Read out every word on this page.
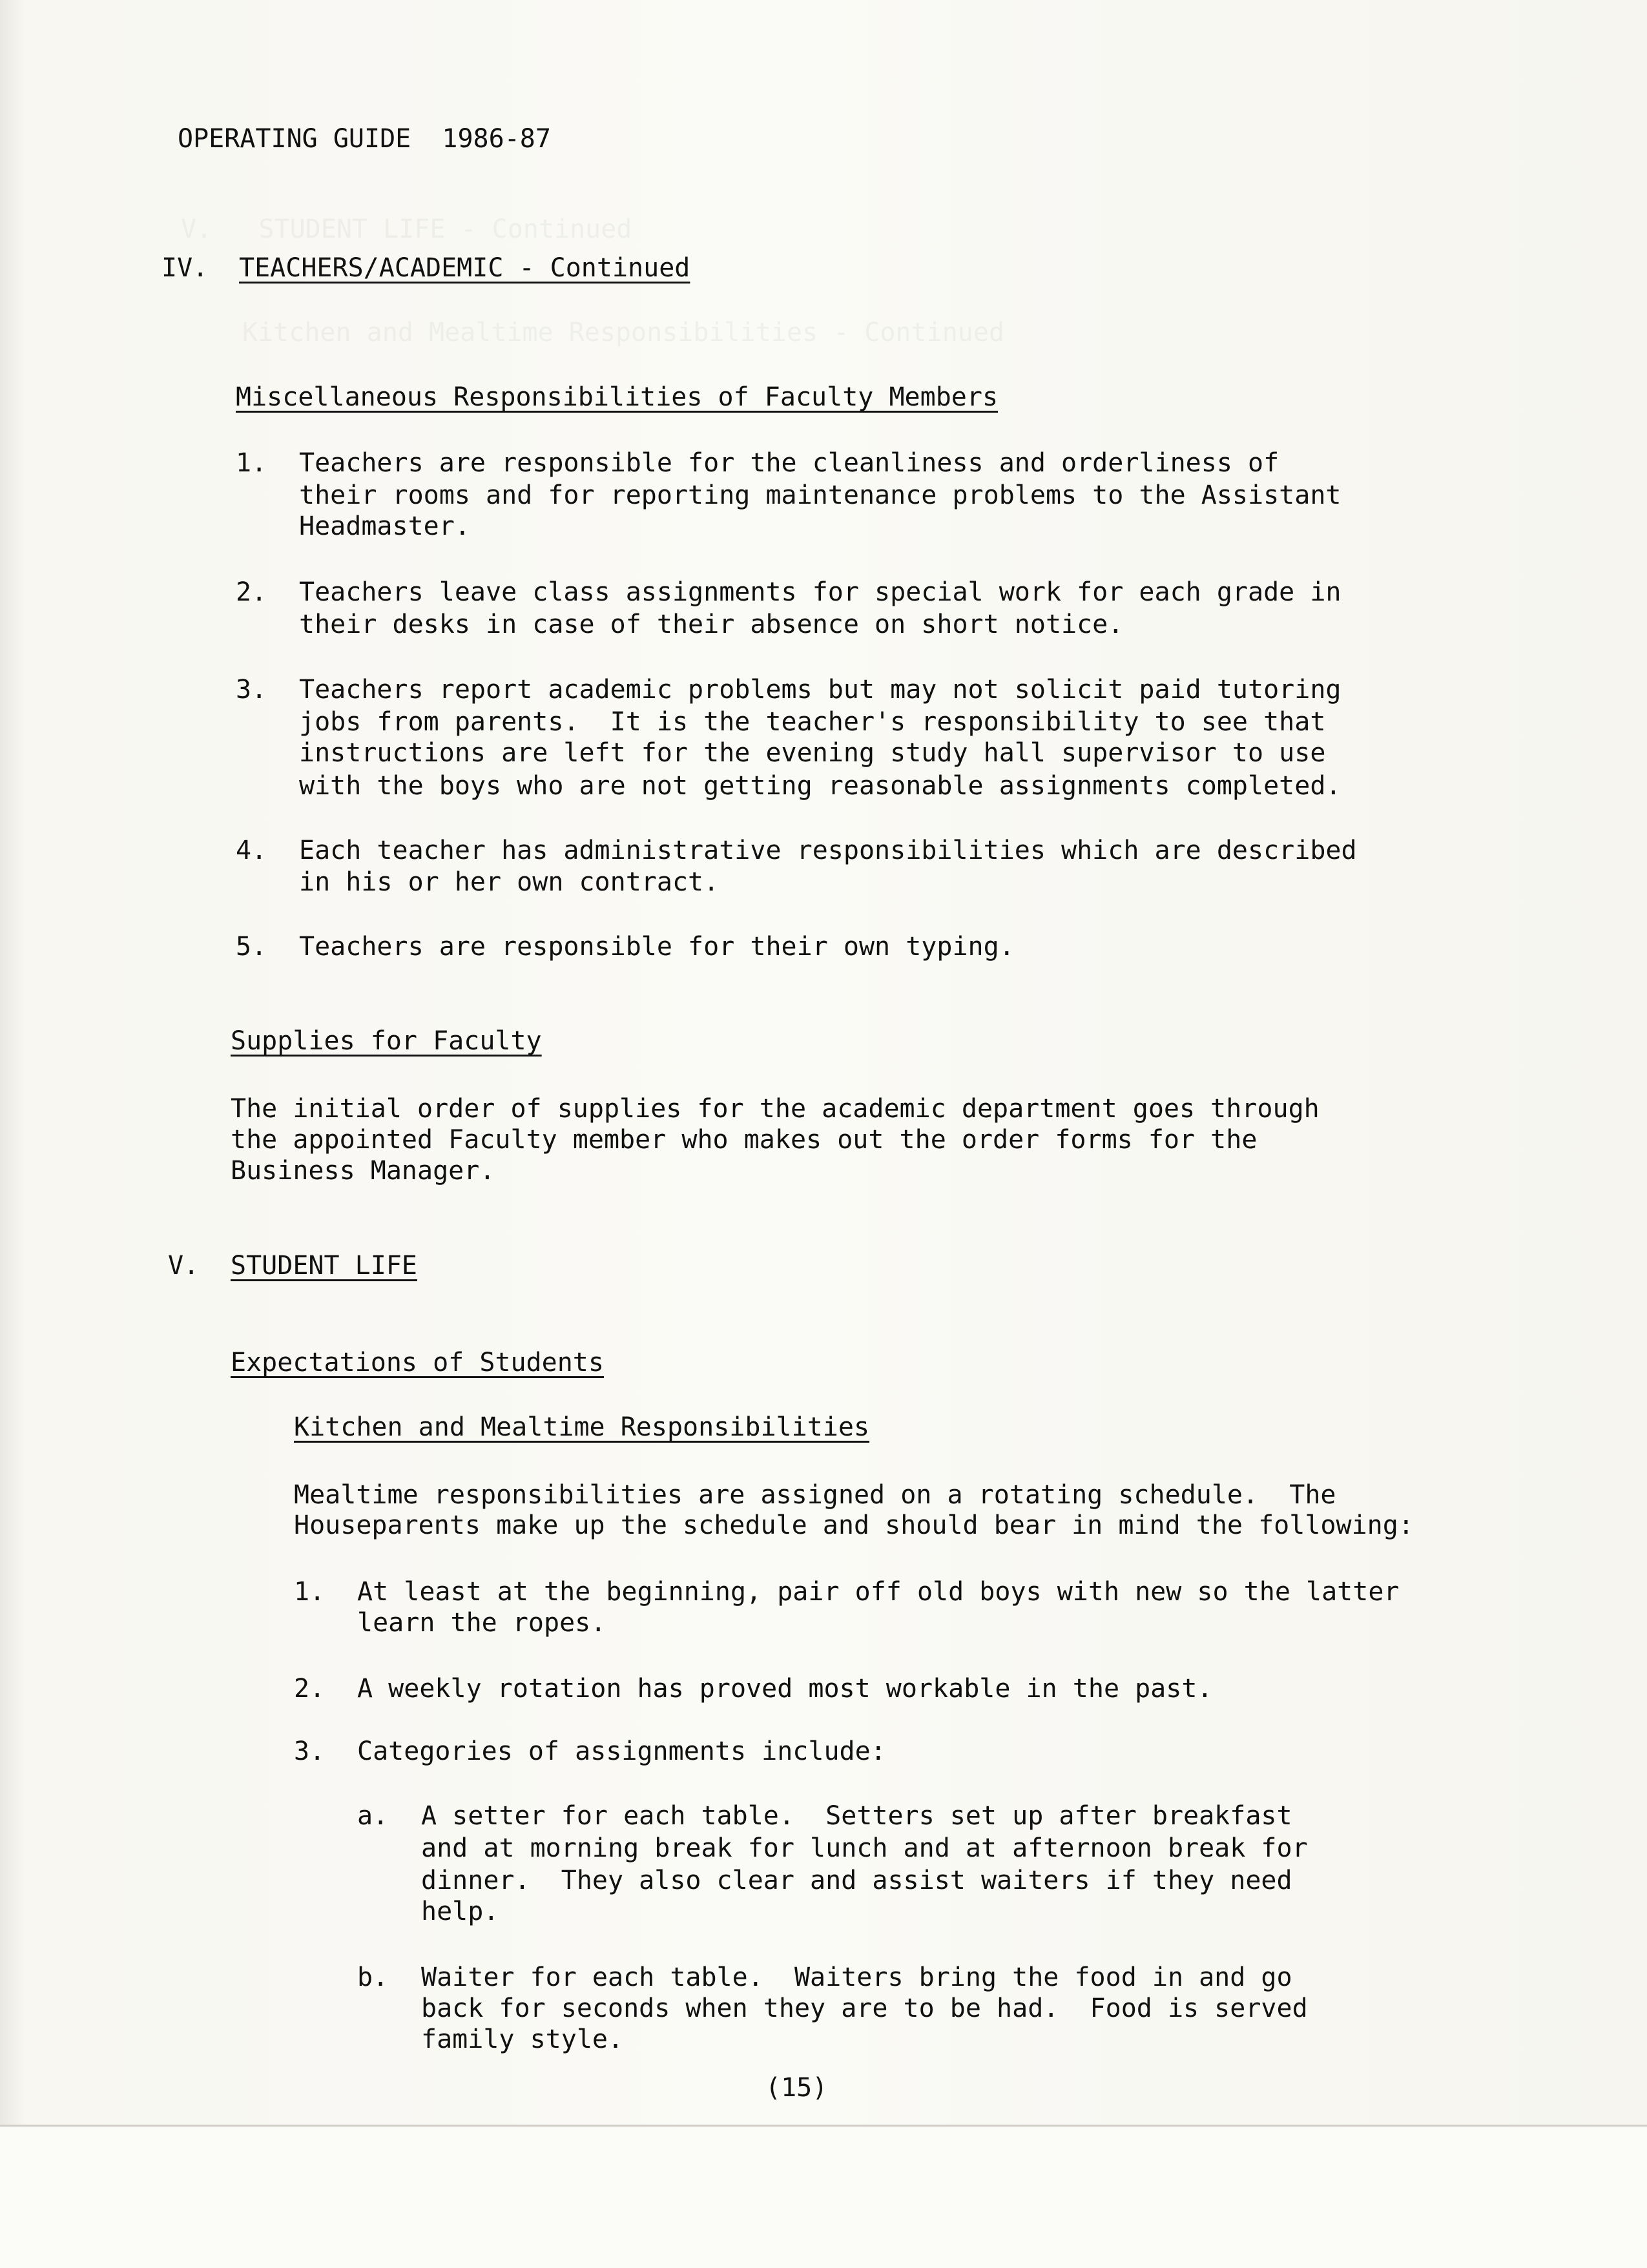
V.   STUDENT LIFE - Continued
Kitchen and Mealtime Responsibilities - Continued
OPERATING GUIDE  1986-87
IV. TEACHERS/ACADEMIC - Continued
Miscellaneous Responsibilities of Faculty Members
1. Teachers are responsible for the cleanliness and orderliness of
their rooms and for reporting maintenance problems to the Assistant
Headmaster.
2. Teachers leave class assignments for special work for each grade in
their desks in case of their absence on short notice.
3. Teachers report academic problems but may not solicit paid tutoring
jobs from parents.  It is the teacher's responsibility to see that
instructions are left for the evening study hall supervisor to use
with the boys who are not getting reasonable assignments completed.
4. Each teacher has administrative responsibilities which are described
in his or her own contract.
5. Teachers are responsible for their own typing.
Supplies for Faculty
The initial order of supplies for the academic department goes through
the appointed Faculty member who makes out the order forms for the
Business Manager.
V. STUDENT LIFE
Expectations of Students
Kitchen and Mealtime Responsibilities
Mealtime responsibilities are assigned on a rotating schedule.  The
Houseparents make up the schedule and should bear in mind the following:
1. At least at the beginning, pair off old boys with new so the latter
learn the ropes.
2. A weekly rotation has proved most workable in the past.
3. Categories of assignments include:
a. A setter for each table.  Setters set up after breakfast
and at morning break for lunch and at afternoon break for
dinner.  They also clear and assist waiters if they need
help.
b. Waiter for each table.  Waiters bring the food in and go
back for seconds when they are to be had.  Food is served
family style.
(15)
